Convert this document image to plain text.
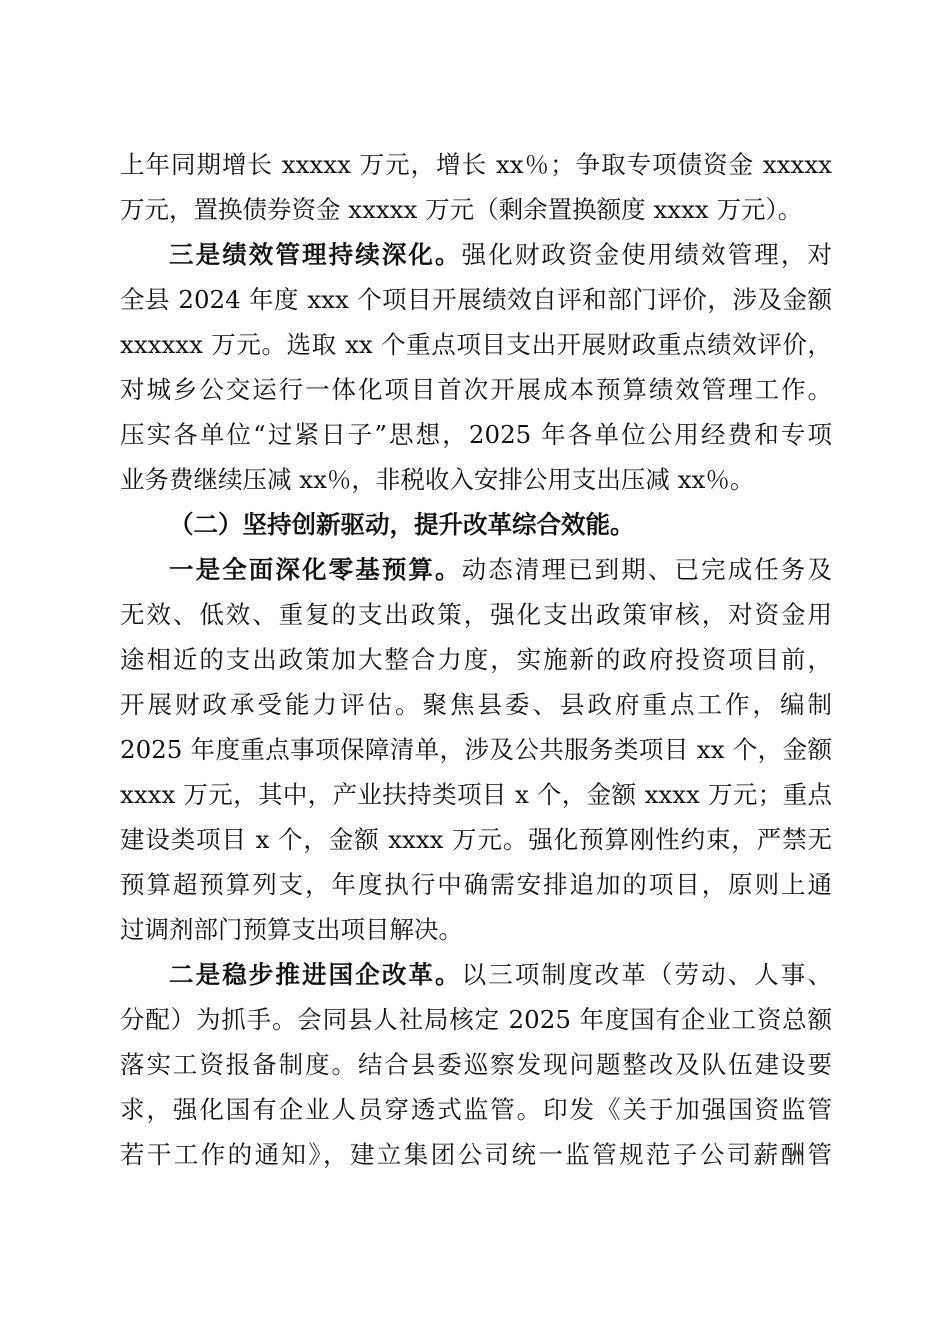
上年同期增长 xxxxx 万元，增长 xx％；争取专项债资金 xxxxx
万元，置换债券资金 xxxxx 万元（剩余置换额度 xxxx 万元）。
三是绩效管理持续深化。强化财政资金使用绩效管理，对
全县 2024 年度 xxx 个项目开展绩效自评和部门评价，涉及金额
xxxxxx 万元。选取 xx 个重点项目支出开展财政重点绩效评价，
对城乡公交运行一体化项目首次开展成本预算绩效管理工作。
压实各单位“过紧日子”思想，2025 年各单位公用经费和专项
业务费继续压减 xx％，非税收入安排公用支出压减 xx％。
（二）坚持创新驱动，提升改革综合效能。
一是全面深化零基预算。动态清理已到期、已完成任务及
无效、低效、重复的支出政策，强化支出政策审核，对资金用
途相近的支出政策加大整合力度，实施新的政府投资项目前，
开展财政承受能力评估。聚焦县委、县政府重点工作，编制
2025 年度重点事项保障清单，涉及公共服务类项目 xx 个，金额
xxxx 万元，其中，产业扶持类项目 x 个，金额 xxxx 万元；重点
建设类项目 x 个，金额 xxxx 万元。强化预算刚性约束，严禁无
预算超预算列支，年度执行中确需安排追加的项目，原则上通
过调剂部门预算支出项目解决。
二是稳步推进国企改革。以三项制度改革（劳动、人事、
分配）为抓手。会同县人社局核定 2025 年度国有企业工资总额
落实工资报备制度。结合县委巡察发现问题整改及队伍建设要
求，强化国有企业人员穿透式监管。印发《关于加强国资监管
若干工作的通知》，建立集团公司统一监管规范子公司薪酬管
